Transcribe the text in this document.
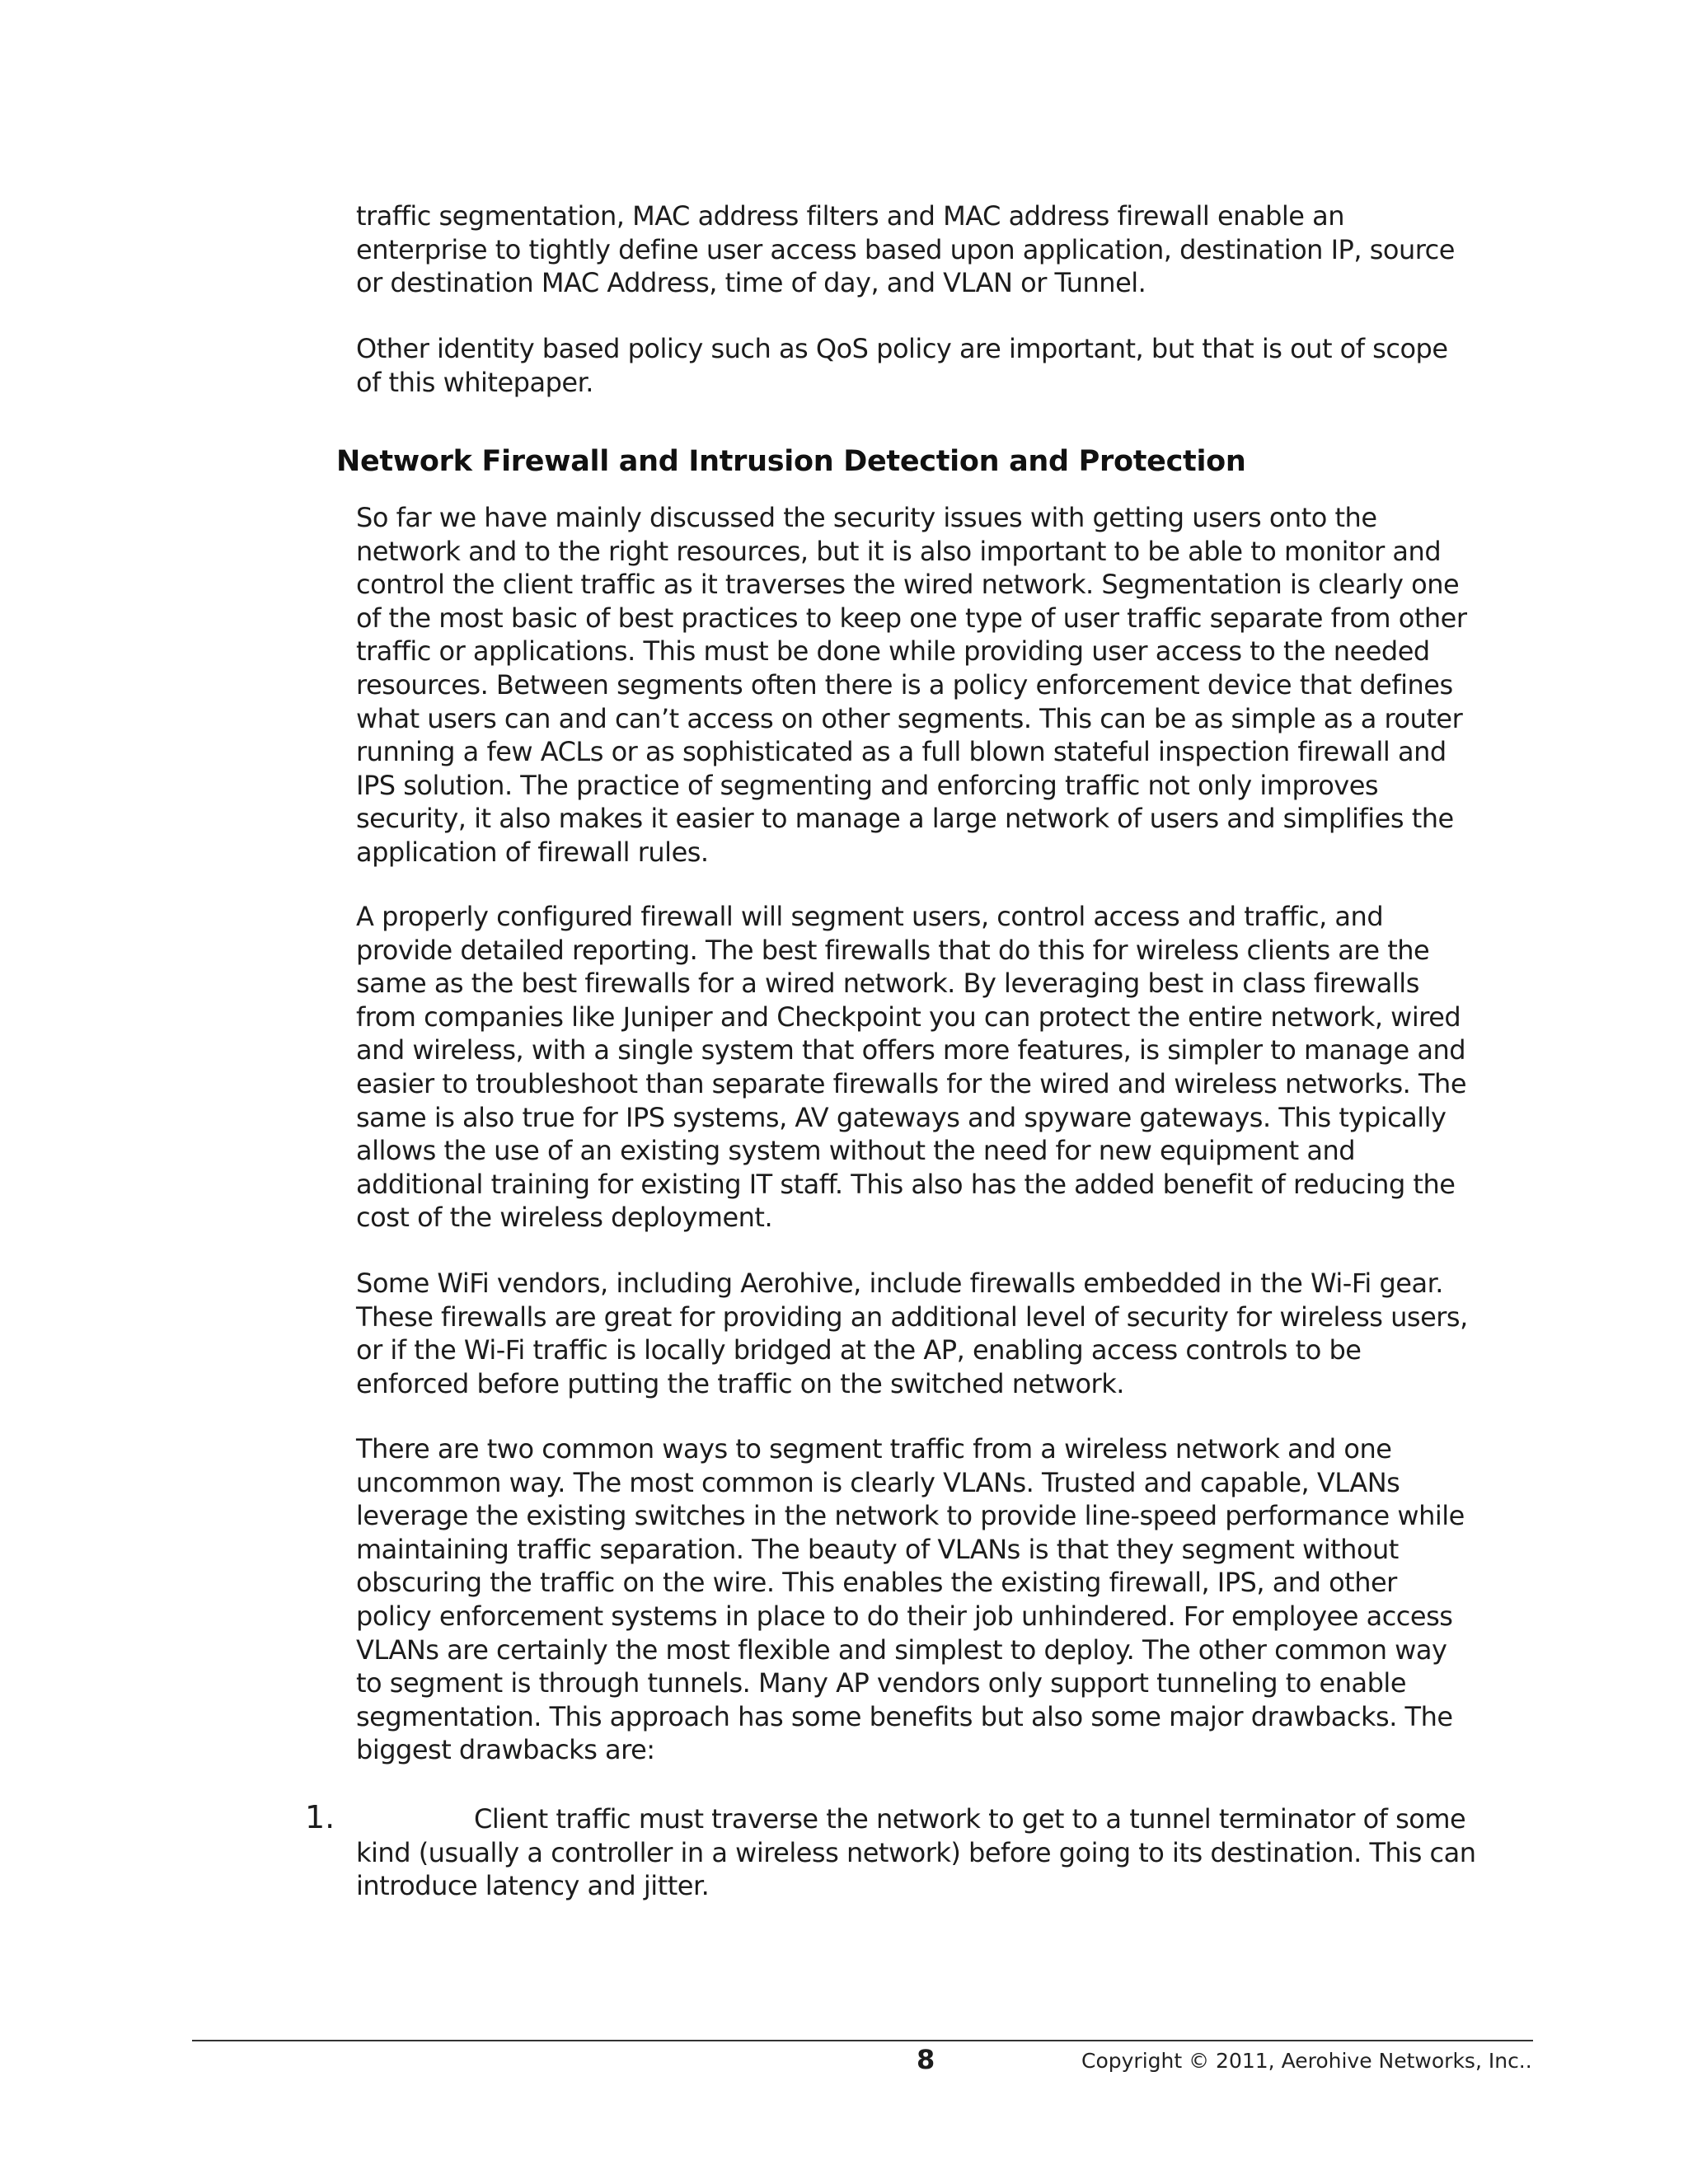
traffic segmentation, MAC address filters and MAC address firewall enable an enterprise to tightly define user access based upon application, destination IP, source or destination MAC Address, time of day, and VLAN or Tunnel.

Other identity based policy such as QoS policy are important, but that is out of scope of this whitepaper.

Network Firewall and Intrusion Detection and Protection

So far we have mainly discussed the security issues with getting users onto the network and to the right resources, but it is also important to be able to monitor and control the client traffic as it traverses the wired network. Segmentation is clearly one of the most basic of best practices to keep one type of user traffic separate from other traffic or applications. This must be done while providing user access to the needed resources. Between segments often there is a policy enforcement device that defines what users can and can’t access on other segments. This can be as simple as a router running a few ACLs or as sophisticated as a full blown stateful inspection firewall and IPS solution. The practice of segmenting and enforcing traffic not only improves security, it also makes it easier to manage a large network of users and simplifies the application of firewall rules.

A properly configured firewall will segment users, control access and traffic, and provide detailed reporting. The best firewalls that do this for wireless clients are the same as the best firewalls for a wired network. By leveraging best in class firewalls from companies like Juniper and Checkpoint you can protect the entire network, wired and wireless, with a single system that offers more features, is simpler to manage and easier to troubleshoot than separate firewalls for the wired and wireless networks. The same is also true for IPS systems, AV gateways and spyware gateways. This typically allows the use of an existing system without the need for new equipment and additional training for existing IT staff. This also has the added benefit of reducing the cost of the wireless deployment.

Some WiFi vendors, including Aerohive, include firewalls embedded in the Wi-Fi gear. These firewalls are great for providing an additional level of security for wireless users, or if the Wi-Fi traffic is locally bridged at the AP, enabling access controls to be enforced before putting the traffic on the switched network.

There are two common ways to segment traffic from a wireless network and one uncommon way. The most common is clearly VLANs. Trusted and capable, VLANs leverage the existing switches in the network to provide line-speed performance while maintaining traffic separation. The beauty of VLANs is that they segment without obscuring the traffic on the wire. This enables the existing firewall, IPS, and other policy enforcement systems in place to do their job unhindered. For employee access VLANs are certainly the most flexible and simplest to deploy. The other common way to segment is through tunnels. Many AP vendors only support tunneling to enable segmentation. This approach has some benefits but also some major drawbacks. The biggest drawbacks are:

1.	Client traffic must traverse the network to get to a tunnel terminator of some kind (usually a controller in a wireless network) before going to its destination. This can introduce latency and jitter.

8	Copyright © 2011, Aerohive Networks, Inc..
